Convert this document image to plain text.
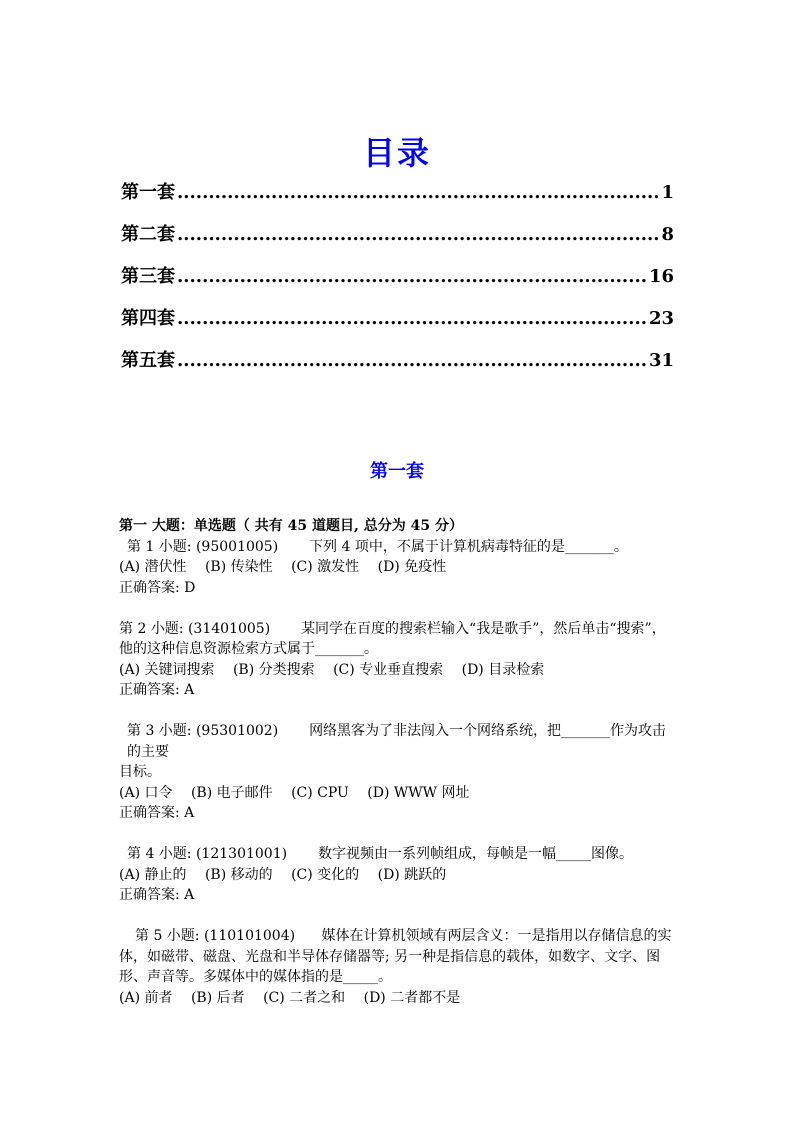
目录
第一套 .....	1
第二套 .....	8
第三套 .....	16
第四套 .....	23
第五套 .....	31
第一套
第一 大题：单选题（ 共有 45 道题目, 总分为 45 分）
第 1 小题: (95001005) 下列 4 项中，不属于计算机病毒特征的是_______。
(A) 潜伏性 (B) 传染性 (C) 激发性 (D) 免疫性
正确答案: D
第 2 小题: (31401005) 某同学在百度的搜索栏输入“我是歌手”，然后单击“搜索”，他的这种信息资源检索方式属于_______。
(A) 关键词搜索 (B) 分类搜索 (C) 专业垂直搜索 (D) 目录检索
正确答案: A
第 3 小题: (95301002) 网络黑客为了非法闯入一个网络系统，把_______作为攻击的主要
目标。
(A) 口令 (B) 电子邮件 (C) CPU (D) WWW 网址
正确答案: A
第 4 小题: (121301001) 数字视频由一系列帧组成，每帧是一幅_____图像。
(A) 静止的 (B) 移动的 (C) 变化的 (D) 跳跃的
正确答案: A
第 5 小题: (110101004) 媒体在计算机领域有两层含义：一是指用以存储信息的实体，如磁带、磁盘、光盘和半导体存储器等; 另一种是指信息的载体，如数字、文字、图形、声音等。多媒体中的媒体指的是_____。
(A) 前者 (B) 后者 (C) 二者之和 (D) 二者都不是
